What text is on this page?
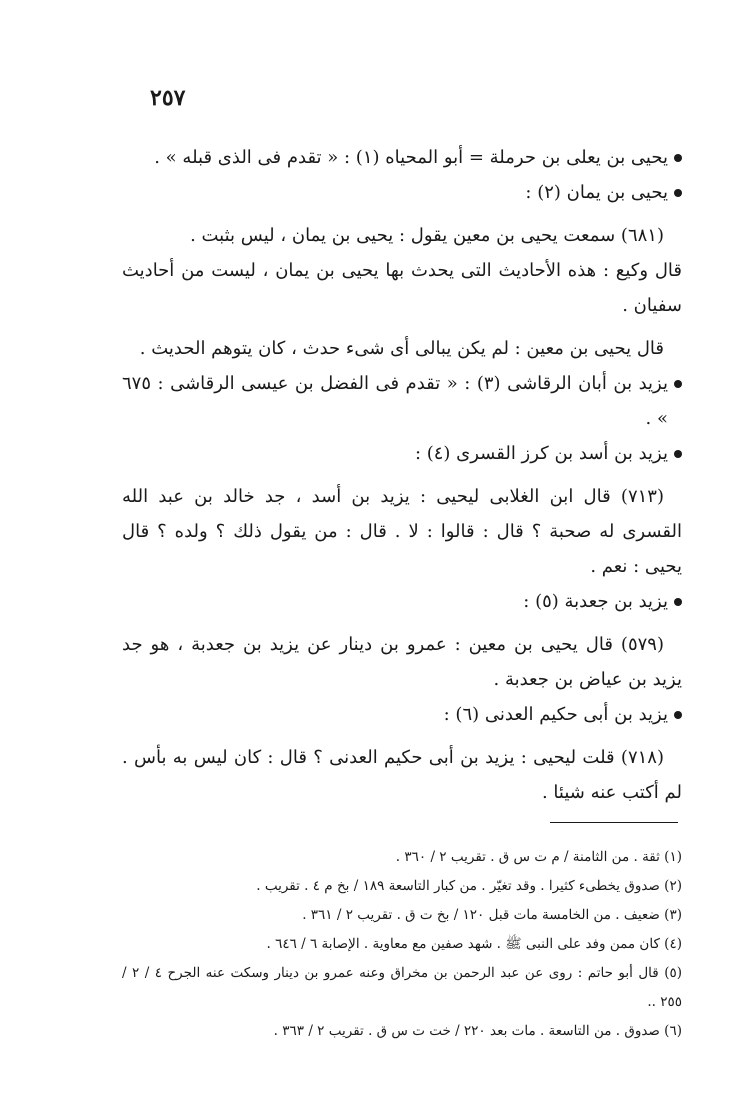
٢٥٧

يحيى بن يعلى بن حرملة = أبو المحياه (١) : « تقدم فى الذى قبله » .

يحيى بن يمان (٢) :

(٦٨١) سمعت يحيى بن معين يقول : يحيى بن يمان ، ليس بثبت .

قال وكيع : هذه الأحاديث التى يحدث بها يحيى بن يمان ، ليست من أحاديث سفيان .

قال يحيى بن معين : لم يكن يبالى أى شىء حدث ، كان يتوهم الحديث .

يزيد بن أبان الرقاشى (٣) : « تقدم فى الفضل بن عيسى الرقاشى : ٦٧٥ » .

يزيد بن أسد بن كرز القسرى (٤) :

(٧١٣) قال ابن الغلابى ليحيى : يزيد بن أسد ، جد خالد بن عبد الله القسرى له صحبة ؟ قال : قالوا : لا . قال : من يقول ذلك ؟ ولده ؟ قال يحيى : نعم .

يزيد بن جعدبة (٥) :

(٥٧٩) قال يحيى بن معين : عمرو بن دينار عن يزيد بن جعدبة ، هو جد يزيد بن عياض بن جعدبة .

يزيد بن أبى حكيم العدنى (٦) :

(٧١٨) قلت ليحيى : يزيد بن أبى حكيم العدنى ؟ قال : كان ليس به بأس . لم أكتب عنه شيئا .

(١) ثقة . من الثامنة / م ت س ق . تقريب ٢ / ٣٦٠ .

(٢) صدوق يخطىء كثيرا . وقد تغيّر . من كبار التاسعة ١٨٩ / بخ م ٤ . تقريب .

(٣) ضعيف . من الخامسة مات قبل ١٢٠ / بخ ت ق . تقريب ٢ / ٣٦١ .

(٤) كان ممن وفد على النبى ﷺ . شهد صفين مع معاوية . الإصابة ٦ / ٦٤٦ .

(٥) قال أبو حاتم : روى عن عبد الرحمن بن مخراق وعنه عمرو بن دينار وسكت عنه الجرح ٤ / ٢ / ٢٥٥ ..

(٦) صدوق . من التاسعة . مات بعد ٢٢٠ / خت ت س ق . تقريب ٢ / ٣٦٣ .
